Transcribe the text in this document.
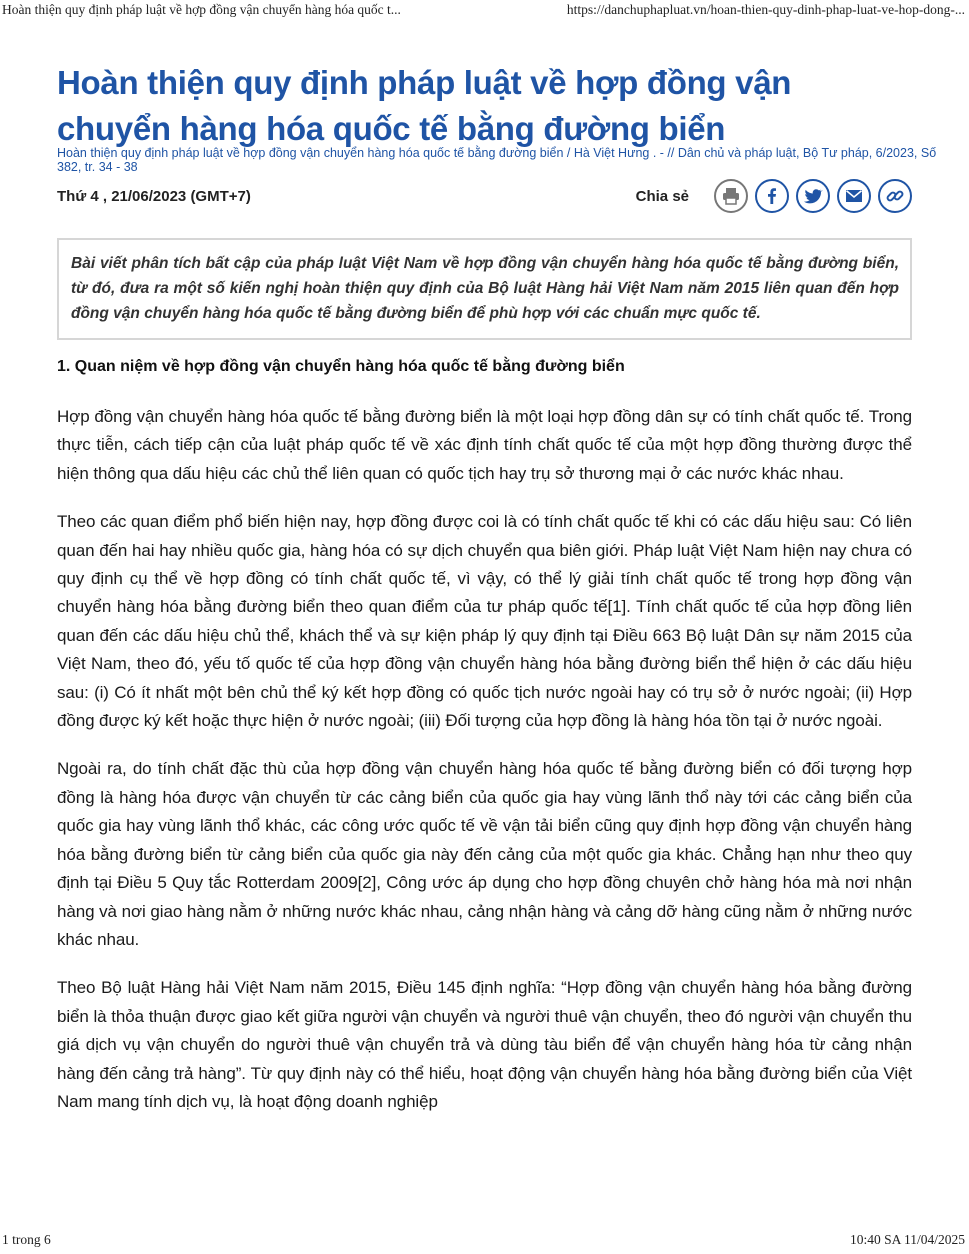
Hoàn thiện quy định pháp luật về hợp đồng vận chuyển hàng hóa quốc t...	https://danchuphapluat.vn/hoan-thien-quy-dinh-phap-luat-ve-hop-dong-...
Hoàn thiện quy định pháp luật về hợp đồng vận chuyển hàng hóa quốc tế bằng đường biển
Hoàn thiện quy định pháp luật về hợp đồng vận chuyển hàng hóa quốc tế bằng đường biển / Hà Việt Hưng . - // Dân chủ và pháp luật, Bộ Tư pháp, 6/2023, Số 382, tr. 34 - 38
Thứ 4 , 21/06/2023 (GMT+7)	Chia sẻ
Bài viết phân tích bất cập của pháp luật Việt Nam về hợp đồng vận chuyển hàng hóa quốc tế bằng đường biển, từ đó, đưa ra một số kiến nghị hoàn thiện quy định của Bộ luật Hàng hải Việt Nam năm 2015 liên quan đến hợp đồng vận chuyển hàng hóa quốc tế bằng đường biển để phù hợp với các chuẩn mực quốc tế.
1. Quan niệm về hợp đồng vận chuyển hàng hóa quốc tế bằng đường biển

Hợp đồng vận chuyển hàng hóa quốc tế bằng đường biển là một loại hợp đồng dân sự có tính chất quốc tế. Trong thực tiễn, cách tiếp cận của luật pháp quốc tế về xác định tính chất quốc tế của một hợp đồng thường được thể hiện thông qua dấu hiệu các chủ thể liên quan có quốc tịch hay trụ sở thương mại ở các nước khác nhau.

Theo các quan điểm phổ biến hiện nay, hợp đồng được coi là có tính chất quốc tế khi có các dấu hiệu sau: Có liên quan đến hai hay nhiều quốc gia, hàng hóa có sự dịch chuyển qua biên giới. Pháp luật Việt Nam hiện nay chưa có quy định cụ thể về hợp đồng có tính chất quốc tế, vì vậy, có thể lý giải tính chất quốc tế trong hợp đồng vận chuyển hàng hóa bằng đường biển theo quan điểm của tư pháp quốc tế[1]. Tính chất quốc tế của hợp đồng liên quan đến các dấu hiệu chủ thể, khách thể và sự kiện pháp lý quy định tại Điều 663 Bộ luật Dân sự năm 2015 của Việt Nam, theo đó, yếu tố quốc tế của hợp đồng vận chuyển hàng hóa bằng đường biển thể hiện ở các dấu hiệu sau: (i) Có ít nhất một bên chủ thể ký kết hợp đồng có quốc tịch nước ngoài hay có trụ sở ở nước ngoài; (ii) Hợp đồng được ký kết hoặc thực hiện ở nước ngoài; (iii) Đối tượng của hợp đồng là hàng hóa tồn tại ở nước ngoài.

Ngoài ra, do tính chất đặc thù của hợp đồng vận chuyển hàng hóa quốc tế bằng đường biển có đối tượng hợp đồng là hàng hóa được vận chuyển từ các cảng biển của quốc gia hay vùng lãnh thổ này tới các cảng biển của quốc gia hay vùng lãnh thổ khác, các công ước quốc tế về vận tải biển cũng quy định hợp đồng vận chuyển hàng hóa bằng đường biển từ cảng biển của quốc gia này đến cảng của một quốc gia khác. Chẳng hạn như theo quy định tại Điều 5 Quy tắc Rotterdam 2009[2], Công ước áp dụng cho hợp đồng chuyên chở hàng hóa mà nơi nhận hàng và nơi giao hàng nằm ở những nước khác nhau, cảng nhận hàng và cảng dỡ hàng cũng nằm ở những nước khác nhau.

Theo Bộ luật Hàng hải Việt Nam năm 2015, Điều 145 định nghĩa: “Hợp đồng vận chuyển hàng hóa bằng đường biển là thỏa thuận được giao kết giữa người vận chuyển và người thuê vận chuyển, theo đó người vận chuyển thu giá dịch vụ vận chuyển do người thuê vận chuyển trả và dùng tàu biển để vận chuyển hàng hóa từ cảng nhận hàng đến cảng trả hàng”. Từ quy định này có thể hiểu, hoạt động vận chuyển hàng hóa bằng đường biển của Việt Nam mang tính dịch vụ, là hoạt động doanh nghiệp

1 trong 6	10:40 SA 11/04/2025
